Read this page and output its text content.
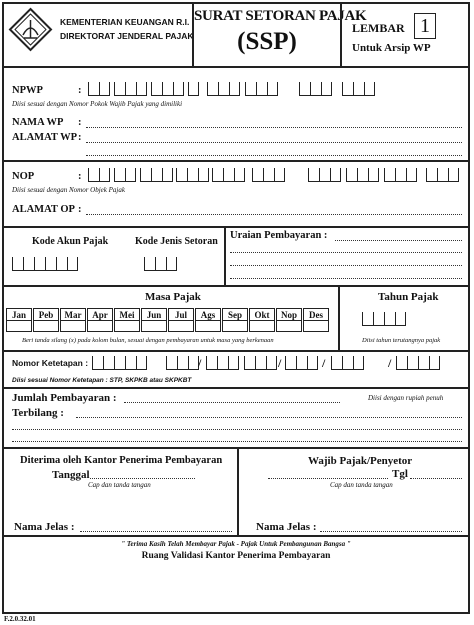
KEMENTERIAN KEUANGAN R.I.
DIREKTORAT JENDERAL PAJAK
SURAT SETORAN PAJAK
(SSP)	LEMBAR 1
Untuk Arsip WP
NPWP	:
Diisi sesuai dengan Nomor Pokok Wajib Pajak yang dimiliki
NAMA WP :
ALAMAT WP :
NOP	:
Diisi sesuai dengan Nomor Objek Pajak
ALAMAT OP :
Kode Akun Pajak	Kode Jenis Setoran
Uraian Pembayaran :
Masa Pajak	Tahun Pajak
Jan	Peb	Mar	Apr	Mei	Jun	Jul	Ags	Sep	Okt	Nop	Des
Beri tanda silang (x) pada kolom bulan, sesuai dengan pembayaran untuk masa yang berkenaan	Diisi tahun terutangnya pajak
Nomor Ketetapan :
Diisi sesuai Nomor Ketetapan : STP, SKPKB atau SKPKBT
Jumlah Pembayaran :	Diisi dengan rupiah penuh
Terbilang :
Diterima oleh Kantor Penerima Pembayaran
Tanggal
Cap dan tanda tangan
Nama Jelas :
Wajib Pajak/Penyetor
Tgl
Cap dan tanda tangan
Nama Jelas :
" Terima Kasih Telah Membayar Pajak - Pajak Untuk Pembangunan Bangsa "
Ruang Validasi Kantor Penerima Pembayaran
F.2.0.32.01
/	/	/	/
